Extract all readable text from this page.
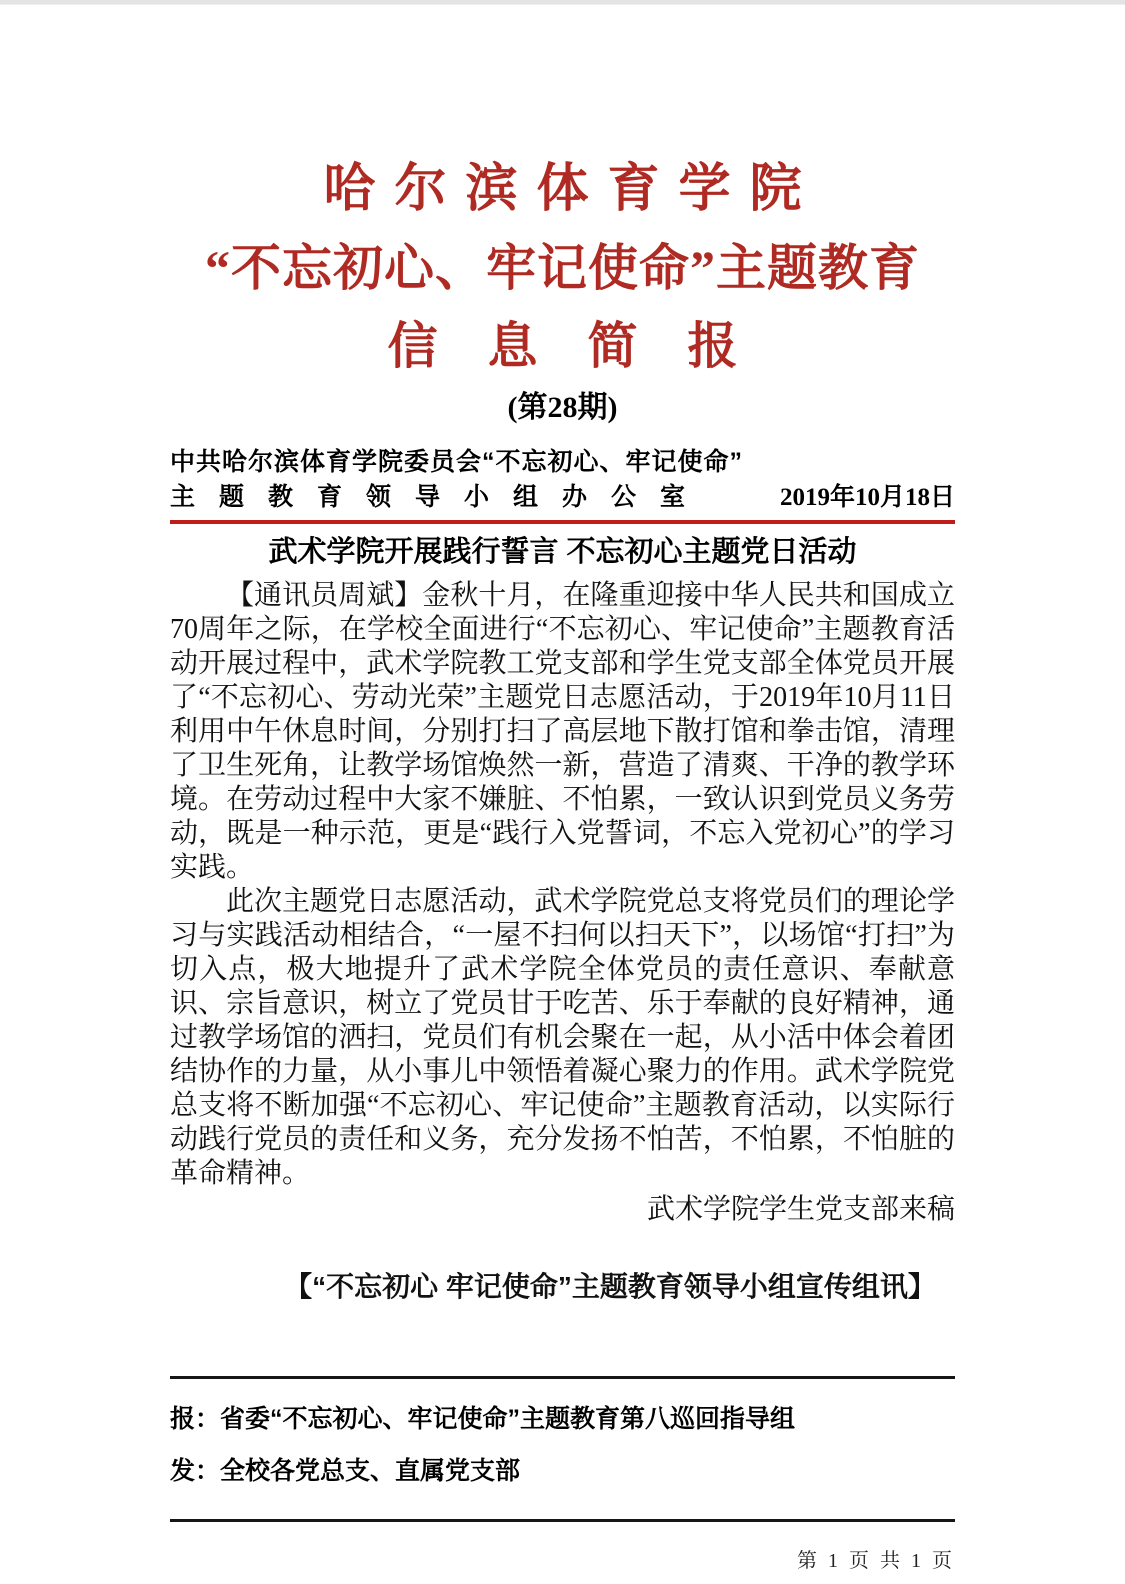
哈尔滨体育学院
“不忘初心、牢记使命”主题教育
信息简报
(第28期)
中共哈尔滨体育学院委员会“不忘初心、牢记使命”
主题教育领导小组办公室	2019年10月18日
武术学院开展践行誓言 不忘初心主题党日活动

【通讯员周斌】金秋十月，在隆重迎接中华人民共和国成立70周年之际，在学校全面进行“不忘初心、牢记使命”主题教育活动开展过程中，武术学院教工党支部和学生党支部全体党员开展了“不忘初心、劳动光荣”主题党日志愿活动，于2019年10月11日利用中午休息时间，分别打扫了高层地下散打馆和拳击馆，清理了卫生死角，让教学场馆焕然一新，营造了清爽、干净的教学环境。在劳动过程中大家不嫌脏、不怕累，一致认识到党员义务劳动，既是一种示范，更是“践行入党誓词，不忘入党初心”的学习实践。

此次主题党日志愿活动，武术学院党总支将党员们的理论学习与实践活动相结合，“一屋不扫何以扫天下”，以场馆“打扫”为切入点，极大地提升了武术学院全体党员的责任意识、奉献意识、宗旨意识，树立了党员甘于吃苦、乐于奉献的良好精神，通过教学场馆的洒扫，党员们有机会聚在一起，从小活中体会着团结协作的力量，从小事儿中领悟着凝心聚力的作用。武术学院党总支将不断加强“不忘初心、牢记使命”主题教育活动，以实际行动践行党员的责任和义务，充分发扬不怕苦，不怕累，不怕脏的革命精神。

武术学院学生党支部来稿
【“不忘初心 牢记使命”主题教育领导小组宣传组讯】
报：省委“不忘初心、牢记使命”主题教育第八巡回指导组
发：全校各党总支、直属党支部
第 1 页 共 1 页
